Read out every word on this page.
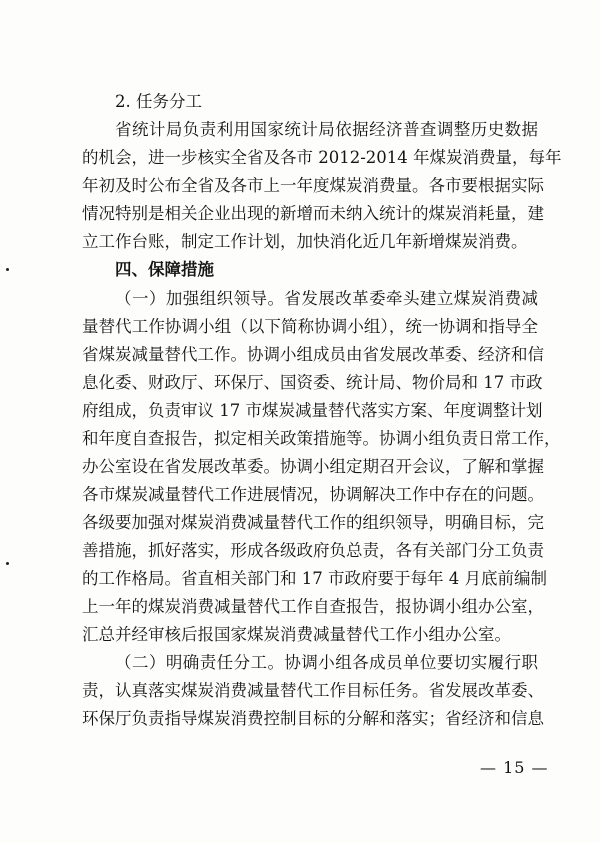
2. 任务分工
省统计局负责利用国家统计局依据经济普查调整历史数据
的机会，进一步核实全省及各市 2012-2014 年煤炭消费量，每年
年初及时公布全省及各市上一年度煤炭消费量。各市要根据实际
情况特别是相关企业出现的新增而未纳入统计的煤炭消耗量，建
立工作台账，制定工作计划，加快消化近几年新增煤炭消费。
四、保障措施
（一）加强组织领导。省发展改革委牵头建立煤炭消费减
量替代工作协调小组（以下简称协调小组），统一协调和指导全
省煤炭减量替代工作。协调小组成员由省发展改革委、经济和信
息化委、财政厅、环保厅、国资委、统计局、物价局和 17 市政
府组成，负责审议 17 市煤炭减量替代落实方案、年度调整计划
和年度自查报告，拟定相关政策措施等。协调小组负责日常工作，
办公室设在省发展改革委。协调小组定期召开会议，了解和掌握
各市煤炭减量替代工作进展情况，协调解决工作中存在的问题。
各级要加强对煤炭消费减量替代工作的组织领导，明确目标，完
善措施，抓好落实，形成各级政府负总责，各有关部门分工负责
的工作格局。省直相关部门和 17 市政府要于每年 4 月底前编制
上一年的煤炭消费减量替代工作自查报告，报协调小组办公室，
汇总并经审核后报国家煤炭消费减量替代工作小组办公室。
（二）明确责任分工。协调小组各成员单位要切实履行职
责，认真落实煤炭消费减量替代工作目标任务。省发展改革委、
环保厅负责指导煤炭消费控制目标的分解和落实；省经济和信息
— 15 —
